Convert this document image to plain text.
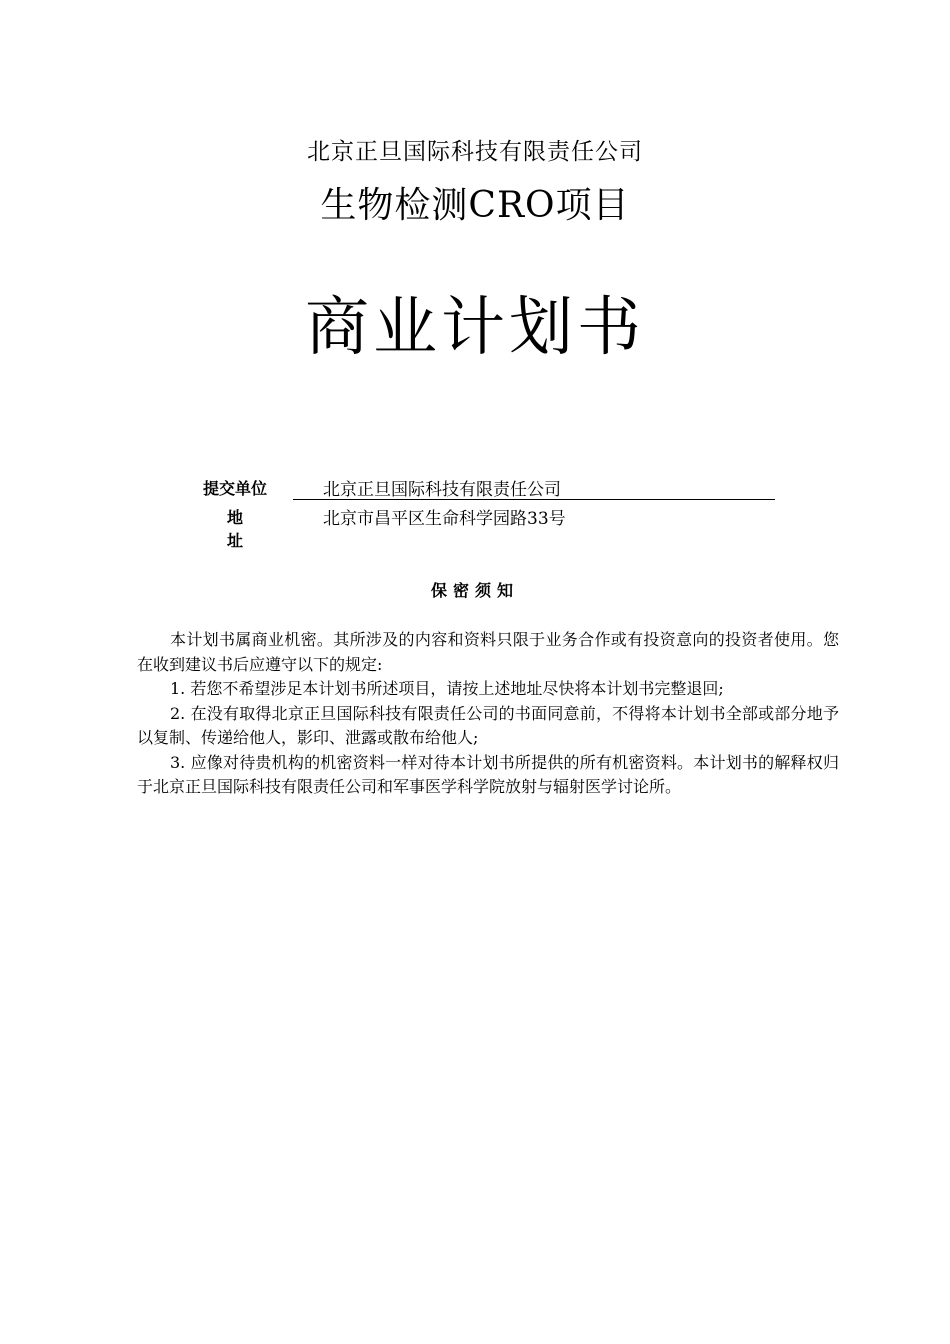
北京正旦国际科技有限责任公司
生物检测CRO项目
商业计划书
提交单位	北京正旦国际科技有限责任公司
地 址
北京市昌平区生命科学园路33号
保密须知

本计划书属商业机密。其所涉及的内容和资料只限于业务合作或有投资意向的投资者使用。您在收到建议书后应遵守以下的规定:

1. 若您不希望涉足本计划书所述项目，请按上述地址尽快将本计划书完整退回;

2. 在没有取得北京正旦国际科技有限责任公司的书面同意前，不得将本计划书全部或部分地予以复制、传递给他人，影印、泄露或散布给他人;

3. 应像对待贵机构的机密资料一样对待本计划书所提供的所有机密资料。本计划书的解释权归于北京正旦国际科技有限责任公司和军事医学科学院放射与辐射医学讨论所。
